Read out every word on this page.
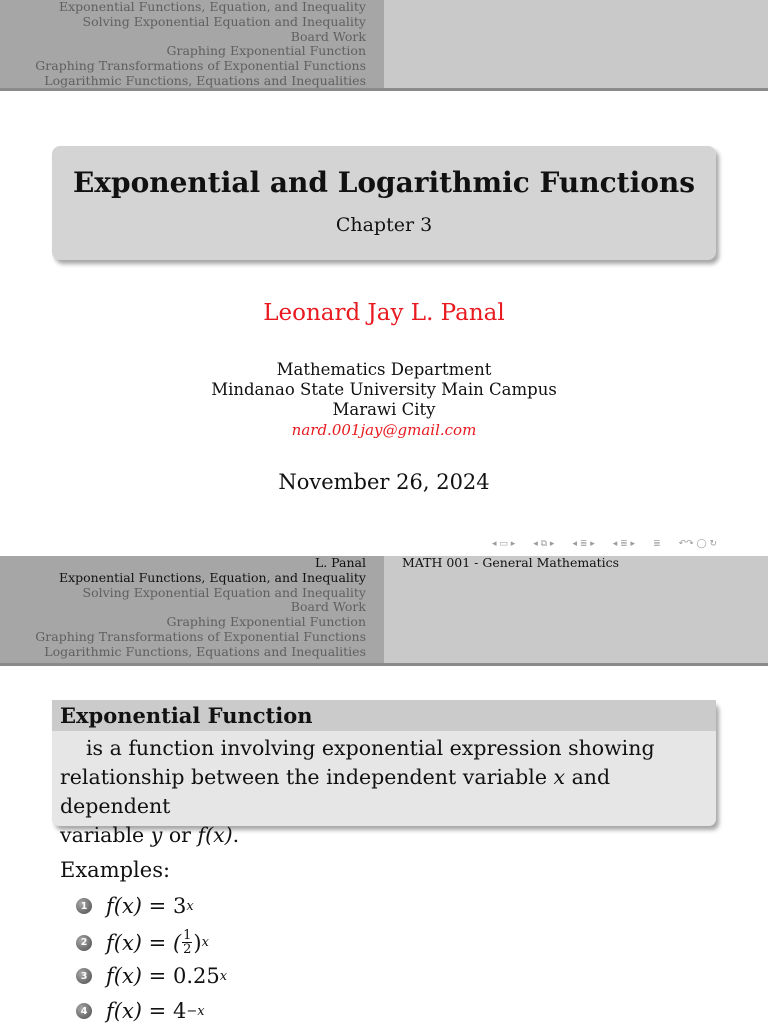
Exponential Functions, Equation, and Inequality
Solving Exponential Equation and Inequality
Board Work
Graphing Exponential Function
Graphing Transformations of Exponential Functions
Logarithmic Functions, Equations and Inequalities
Exponential and Logarithmic Functions
Chapter 3
Leonard Jay L. Panal
Mathematics Department
Mindanao State University Main Campus
Marawi City
nard.001jay@gmail.com
November 26, 2024
◂ ▭ ▸ ◂ ⧉ ▸ ◂ ≣ ▸ ◂ ≣ ▸ ≣ ↶↷ ◯ ↻
L. Panal
Exponential Functions, Equation, and Inequality
Solving Exponential Equation and Inequality
Board Work
Graphing Exponential Function
Graphing Transformations of Exponential Functions
Logarithmic Functions, Equations and Inequalities
MATH 001 - General Mathematics
Exponential Function
is a function involving exponential expression showing
relationship between the independent variable x and dependent
variable y or f(x).
Examples:
1 f(x) =
3 x
2 f(x) = ( $\frac{1}{2}$ ) x
3 f(x) =
0.25 x
4 f(x) =
4 −x
